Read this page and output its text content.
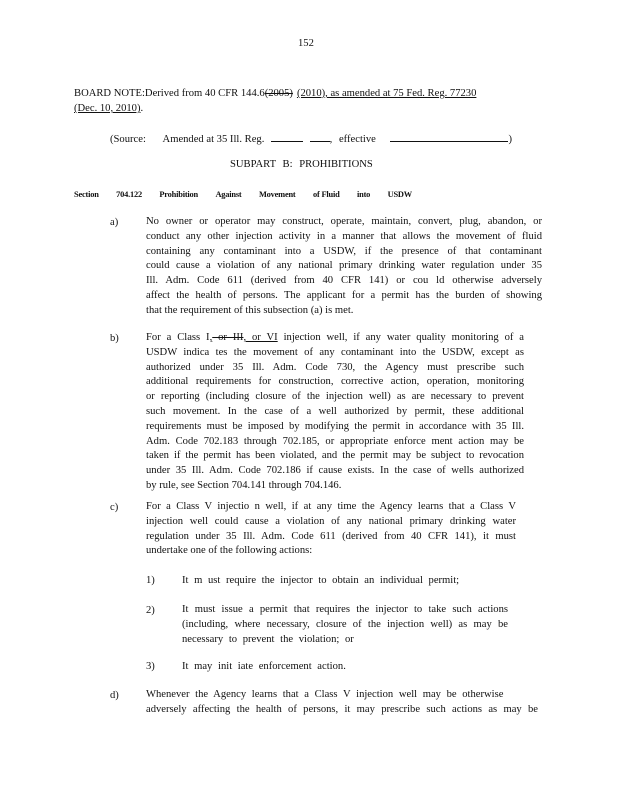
152
BOARD NOTE: Derived from 40 CFR 144.6 (2005) (2010), as amended at 75 Fed. Reg. 77230
(Dec. 10, 2010).
(Source: Amended at 35 Ill. Reg.	, effective	)
SUBPART B: PROHIBITIONS
Section 704.122 Prohibition Against Movement of Fluid into USDW
a)	No owner or operator may construct, operate, maintain, convert, plug, abandon, or
conduct any other injection activity in a manner that allows the movement of fluid
containing any contaminant into a USDW, if the presence of that contaminant
could cause a violation of any national primary drinking water regulation under 35
Ill. Adm. Code 611 (derived from 40 CFR 141) or cou ld otherwise adversely
affect the health of persons. The applicant for a permit has the burden of showing
that the requirement of this subsection (a) is met.
b)	For a Class I, or III, or VI injection well, if any water quality monitoring of a
USDW indica tes the movement of any contaminant into the USDW, except as
authorized under 35 Ill. Adm. Code 730, the Agency must prescribe such
additional requirements for construction, corrective action, operation, monitoring
or reporting (including closure of the injection well) as are necessary to prevent
such movement. In the case of a well authorized by permit, these additional
requirements must be imposed by modifying the permit in accordance with 35 Ill.
Adm. Code 702.183 through 702.185, or appropriate enforce ment action may be
taken if the permit has been violated, and the permit may be subject to revocation
under 35 Ill. Adm. Code 702.186 if cause exists. In the case of wells authorized
by rule, see Section 704.141 through 704.146.
c)	For a Class V injectio n well, if at any time the Agency learns that a Class V
injection well could cause a violation of any national primary drinking water
regulation under 35 Ill. Adm. Code 611 (derived from 40 CFR 141), it must
undertake one of the following actions:
1)	It m ust require the injector to obtain an individual permit;
2)	It must issue a permit that requires the injector to take such actions
(including, where necessary, closure of the injection well) as may be
necessary to prevent the violation; or
3)	It may init iate enforcement action.
d)	Whenever the Agency learns that a Class V injection well may be otherwise
adversely affecting the health of persons, it may prescribe such actions as may be
